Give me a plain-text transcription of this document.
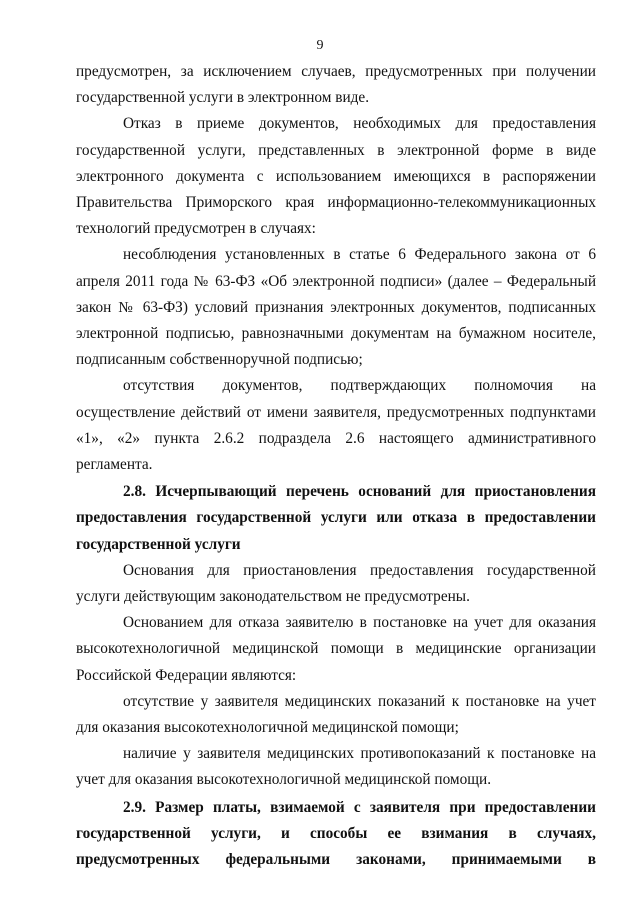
9

предусмотрен, за исключением случаев, предусмотренных при получении государственной услуги в электронном виде.

Отказ в приеме документов, необходимых для предоставления государственной услуги, представленных в электронной форме в виде электронного документа с использованием имеющихся в распоряжении Правительства Приморского края информационно-телекоммуникационных технологий предусмотрен в случаях:

несоблюдения установленных в статье 6 Федерального закона от 6 апреля 2011 года № 63-ФЗ «Об электронной подписи» (далее – Федеральный закон № 63-ФЗ) условий признания электронных документов, подписанных электронной подписью, равнозначными документам на бумажном носителе, подписанным собственноручной подписью;

отсутствия документов, подтверждающих полномочия на осуществление действий от имени заявителя, предусмотренных подпунктами «1», «2» пункта 2.6.2 подраздела 2.6 настоящего административного регламента.

2.8. Исчерпывающий перечень оснований для приостановления предоставления государственной услуги или отказа в предоставлении государственной услуги

Основания для приостановления предоставления государственной услуги действующим законодательством не предусмотрены.

Основанием для отказа заявителю в постановке на учет для оказания высокотехнологичной медицинской помощи в медицинские организации Российской Федерации являются:

отсутствие у заявителя медицинских показаний к постановке на учет для оказания высокотехнологичной медицинской помощи;

наличие у заявителя медицинских противопоказаний к постановке на учет для оказания высокотехнологичной медицинской помощи.

2.9. Размер платы, взимаемой с заявителя при предоставлении государственной услуги, и способы ее взимания в случаях, предусмотренных федеральными законами, принимаемыми в
